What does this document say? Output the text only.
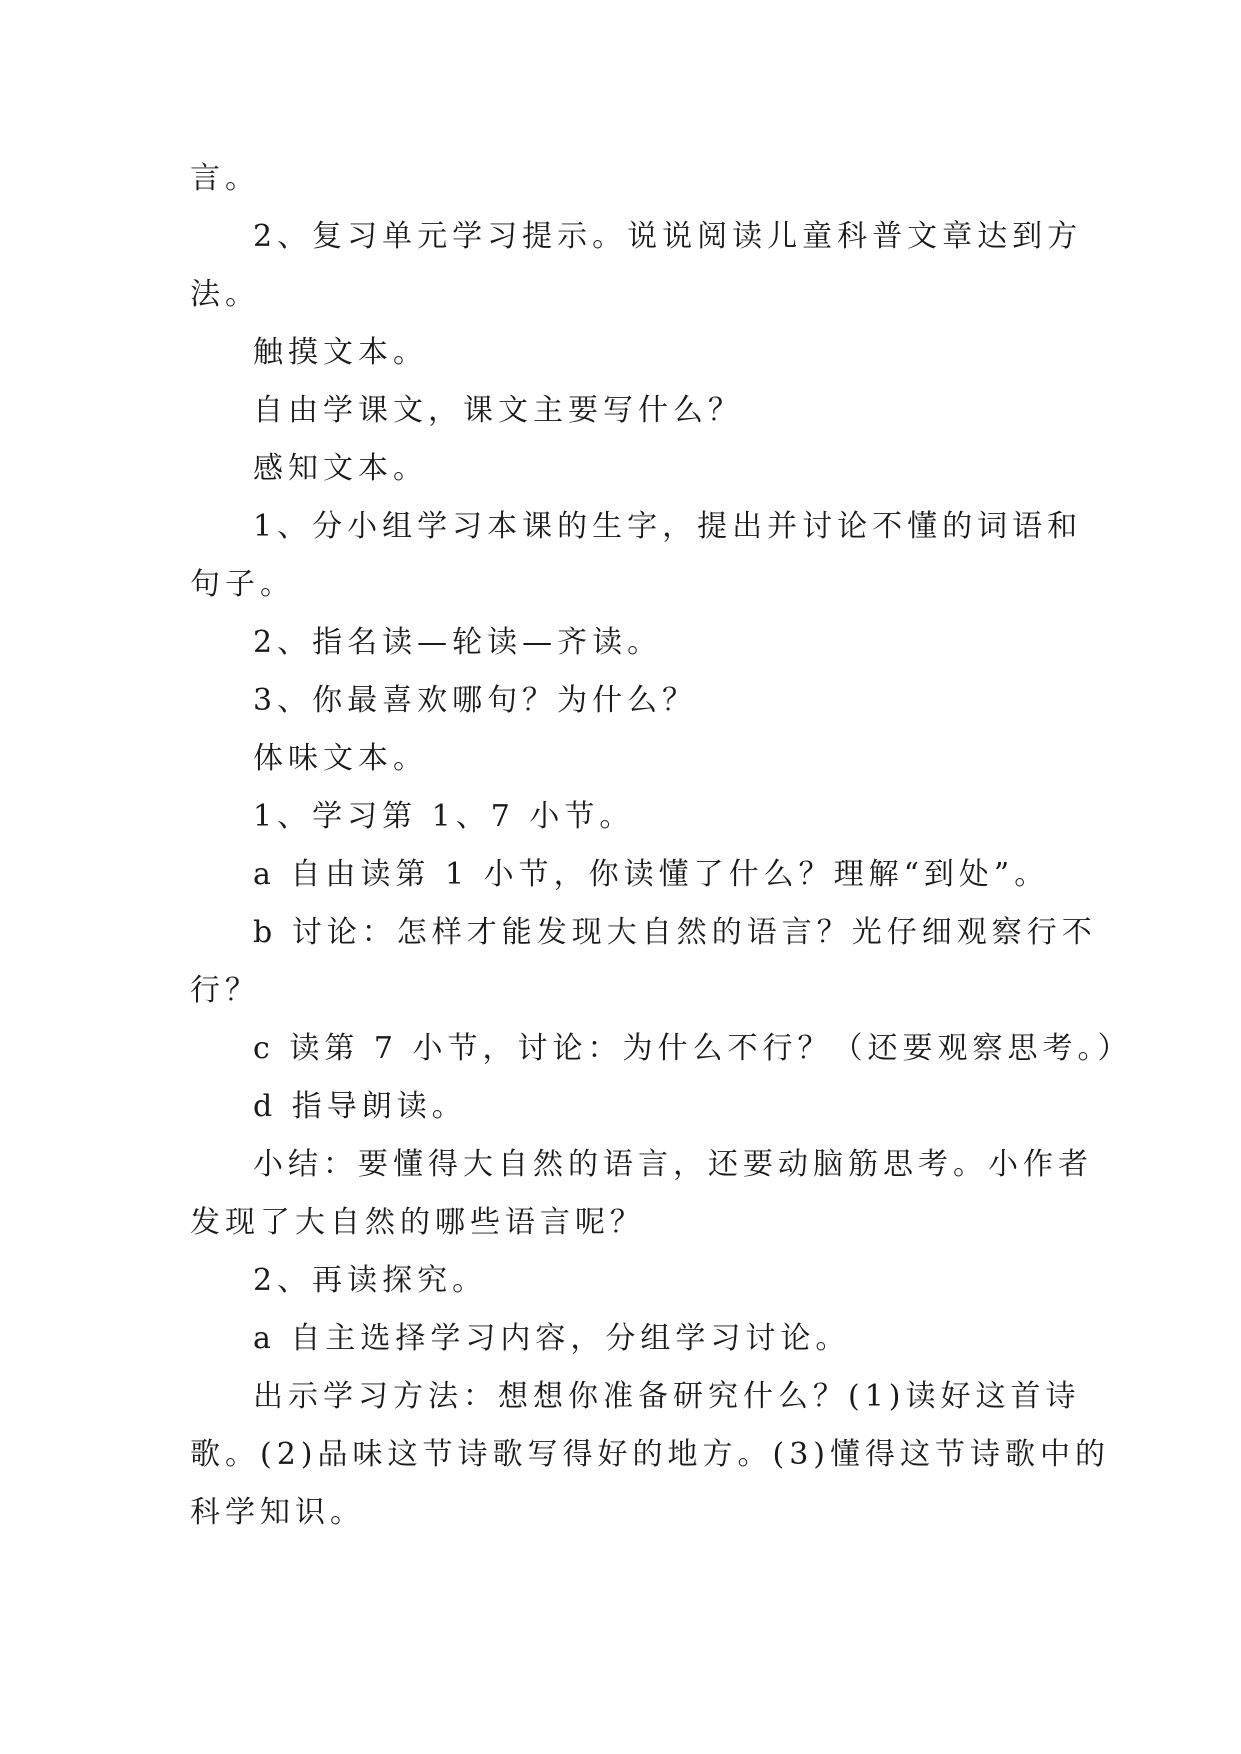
言。

2、复习单元学习提示。说说阅读儿童科普文章达到方

法。

触摸文本。

自由学课文，课文主要写什么？

感知文本。

1、分小组学习本课的生字，提出并讨论不懂的词语和

句子。

2、指名读—轮读—齐读。

3、你最喜欢哪句？为什么？

体味文本。

1、学习第 1、7 小节。

a 自由读第 1 小节，你读懂了什么？理解“到处”。

b 讨论：怎样才能发现大自然的语言？光仔细观察行不

行？

c 读第 7 小节，讨论：为什么不行？（还要观察思考。）

d 指导朗读。

小结：要懂得大自然的语言，还要动脑筋思考。小作者

发现了大自然的哪些语言呢？

2、再读探究。

a 自主选择学习内容，分组学习讨论。

出示学习方法：想想你准备研究什么？(1)读好这首诗

歌。(2)品味这节诗歌写得好的地方。(3)懂得这节诗歌中的

科学知识。
